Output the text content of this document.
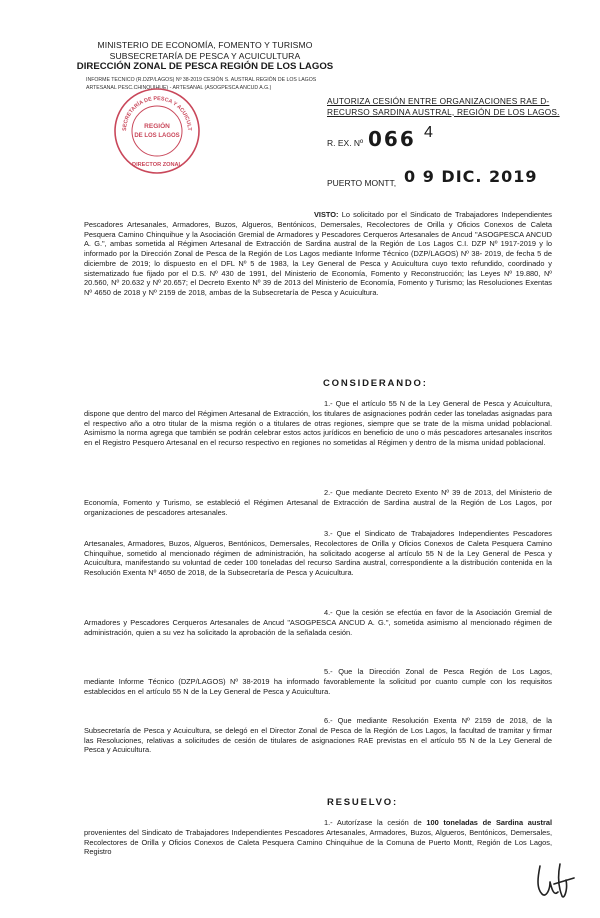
MINISTERIO DE ECONOMÍA, FOMENTO Y TURISMO
SUBSECRETARÍA DE PESCA Y ACUICULTURA
DIRECCIÓN ZONAL DE PESCA REGIÓN DE LOS LAGOS
INFORME TECNICO (R.DZP/LAGOS) Nº 38-2019 CESIÓN S. AUSTRAL REGIÓN DE LOS LAGOS
ARTESANAL PESC.CHINQUIHUE) - ARTESANAL (ASOGPESCA ANCUD A.G.)
SECRETARÍA DE PESCA Y ACUICULT
REGIÓN
DE LOS LAGOS
DIRECTOR ZONAL
AUTORIZA CESIÓN ENTRE ORGANIZACIONES RAE D- RECURSO SARDINA AUSTRAL, REGIÓN DE LOS LAGOS.
R. EX. Nº 066 4
PUERTO MONTT, 0 9 DIC. 2019
VISTO: Lo solicitado por el Sindicato de Trabajadores Independientes Pescadores Artesanales, Armadores, Buzos, Algueros, Bentónicos, Demersales, Recolectores de Orilla y Oficios Conexos de Caleta Pesquera Camino Chinquihue y la Asociación Gremial de Armadores y Pescadores Cerqueros Artesanales de Ancud "ASOGPESCA ANCUD A. G.", ambas sometida al Régimen Artesanal de Extracción de Sardina austral de la Región de Los Lagos C.I. DZP Nº 1917-2019 y lo informado por la Dirección Zonal de Pesca de la Región de Los Lagos mediante Informe Técnico (DZP/LAGOS) Nº 38- 2019, de fecha 5 de diciembre de 2019; lo dispuesto en el DFL Nº 5 de 1983, la Ley General de Pesca y Acuicultura cuyo texto refundido, coordinado y sistematizado fue fijado por el D.S. Nº 430 de 1991, del Ministerio de Economía, Fomento y Reconstrucción; las Leyes Nº 19.880, Nº 20.560, Nº 20.632 y Nº 20.657; el Decreto Exento Nº 39 de 2013 del Ministerio de Economía, Fomento y Turismo; las Resoluciones Exentas Nº 4650 de 2018 y Nº 2159 de 2018, ambas de la Subsecretaría de Pesca y Acuicultura.
CONSIDERANDO:
1.- Que el artículo 55 N de la Ley General de Pesca y Acuicultura, dispone que dentro del marco del Régimen Artesanal de Extracción, los titulares de asignaciones podrán ceder las toneladas asignadas para el respectivo año a otro titular de la misma región o a titulares de otras regiones, siempre que se trate de la misma unidad poblacional. Asimismo la norma agrega que también se podrán celebrar estos actos jurídicos en beneficio de uno o más pescadores artesanales inscritos en el Registro Pesquero Artesanal en el recurso respectivo en regiones no sometidas al Régimen y dentro de la misma unidad poblacional.
2.- Que mediante Decreto Exento Nº 39 de 2013, del Ministerio de Economía, Fomento y Turismo, se estableció el Régimen Artesanal de Extracción de Sardina austral de la Región de Los Lagos, por organizaciones de pescadores artesanales.
3.- Que el Sindicato de Trabajadores Independientes Pescadores Artesanales, Armadores, Buzos, Algueros, Bentónicos, Demersales, Recolectores de Orilla y Oficios Conexos de Caleta Pesquera Camino Chinquihue, sometido al mencionado régimen de administración, ha solicitado acogerse al artículo 55 N de la Ley General de Pesca y Acuicultura, manifestando su voluntad de ceder 100 toneladas del recurso Sardina austral, correspondiente a la distribución contenida en la Resolución Exenta Nº 4650 de 2018, de la Subsecretaría de Pesca y Acuicultura.
4.- Que la cesión se efectúa en favor de la Asociación Gremial de Armadores y Pescadores Cerqueros Artesanales de Ancud "ASOGPESCA ANCUD A. G.", sometida asimismo al mencionado régimen de administración, quien a su vez ha solicitado la aprobación de la señalada cesión.
5.- Que la Dirección Zonal de Pesca Región de Los Lagos, mediante Informe Técnico (DZP/LAGOS) Nº 38-2019 ha informado favorablemente la solicitud por cuanto cumple con los requisitos establecidos en el artículo 55 N de la Ley General de Pesca y Acuicultura.
6.- Que mediante Resolución Exenta Nº 2159 de 2018, de la Subsecretaría de Pesca y Acuicultura, se delegó en el Director Zonal de Pesca de la Región de Los Lagos, la facultad de tramitar y firmar las Resoluciones, relativas a solicitudes de cesión de titulares de asignaciones RAE previstas en el artículo 55 N de la Ley General de Pesca y Acuicultura.
RESUELVO:
1.- Autorízase la cesión de 100 toneladas de Sardina austral provenientes del Sindicato de Trabajadores Independientes Pescadores Artesanales, Armadores, Buzos, Algueros, Bentónicos, Demersales, Recolectores de Orilla y Oficios Conexos de Caleta Pesquera Camino Chinquihue de la Comuna de Puerto Montt, Región de Los Lagos, Registro
